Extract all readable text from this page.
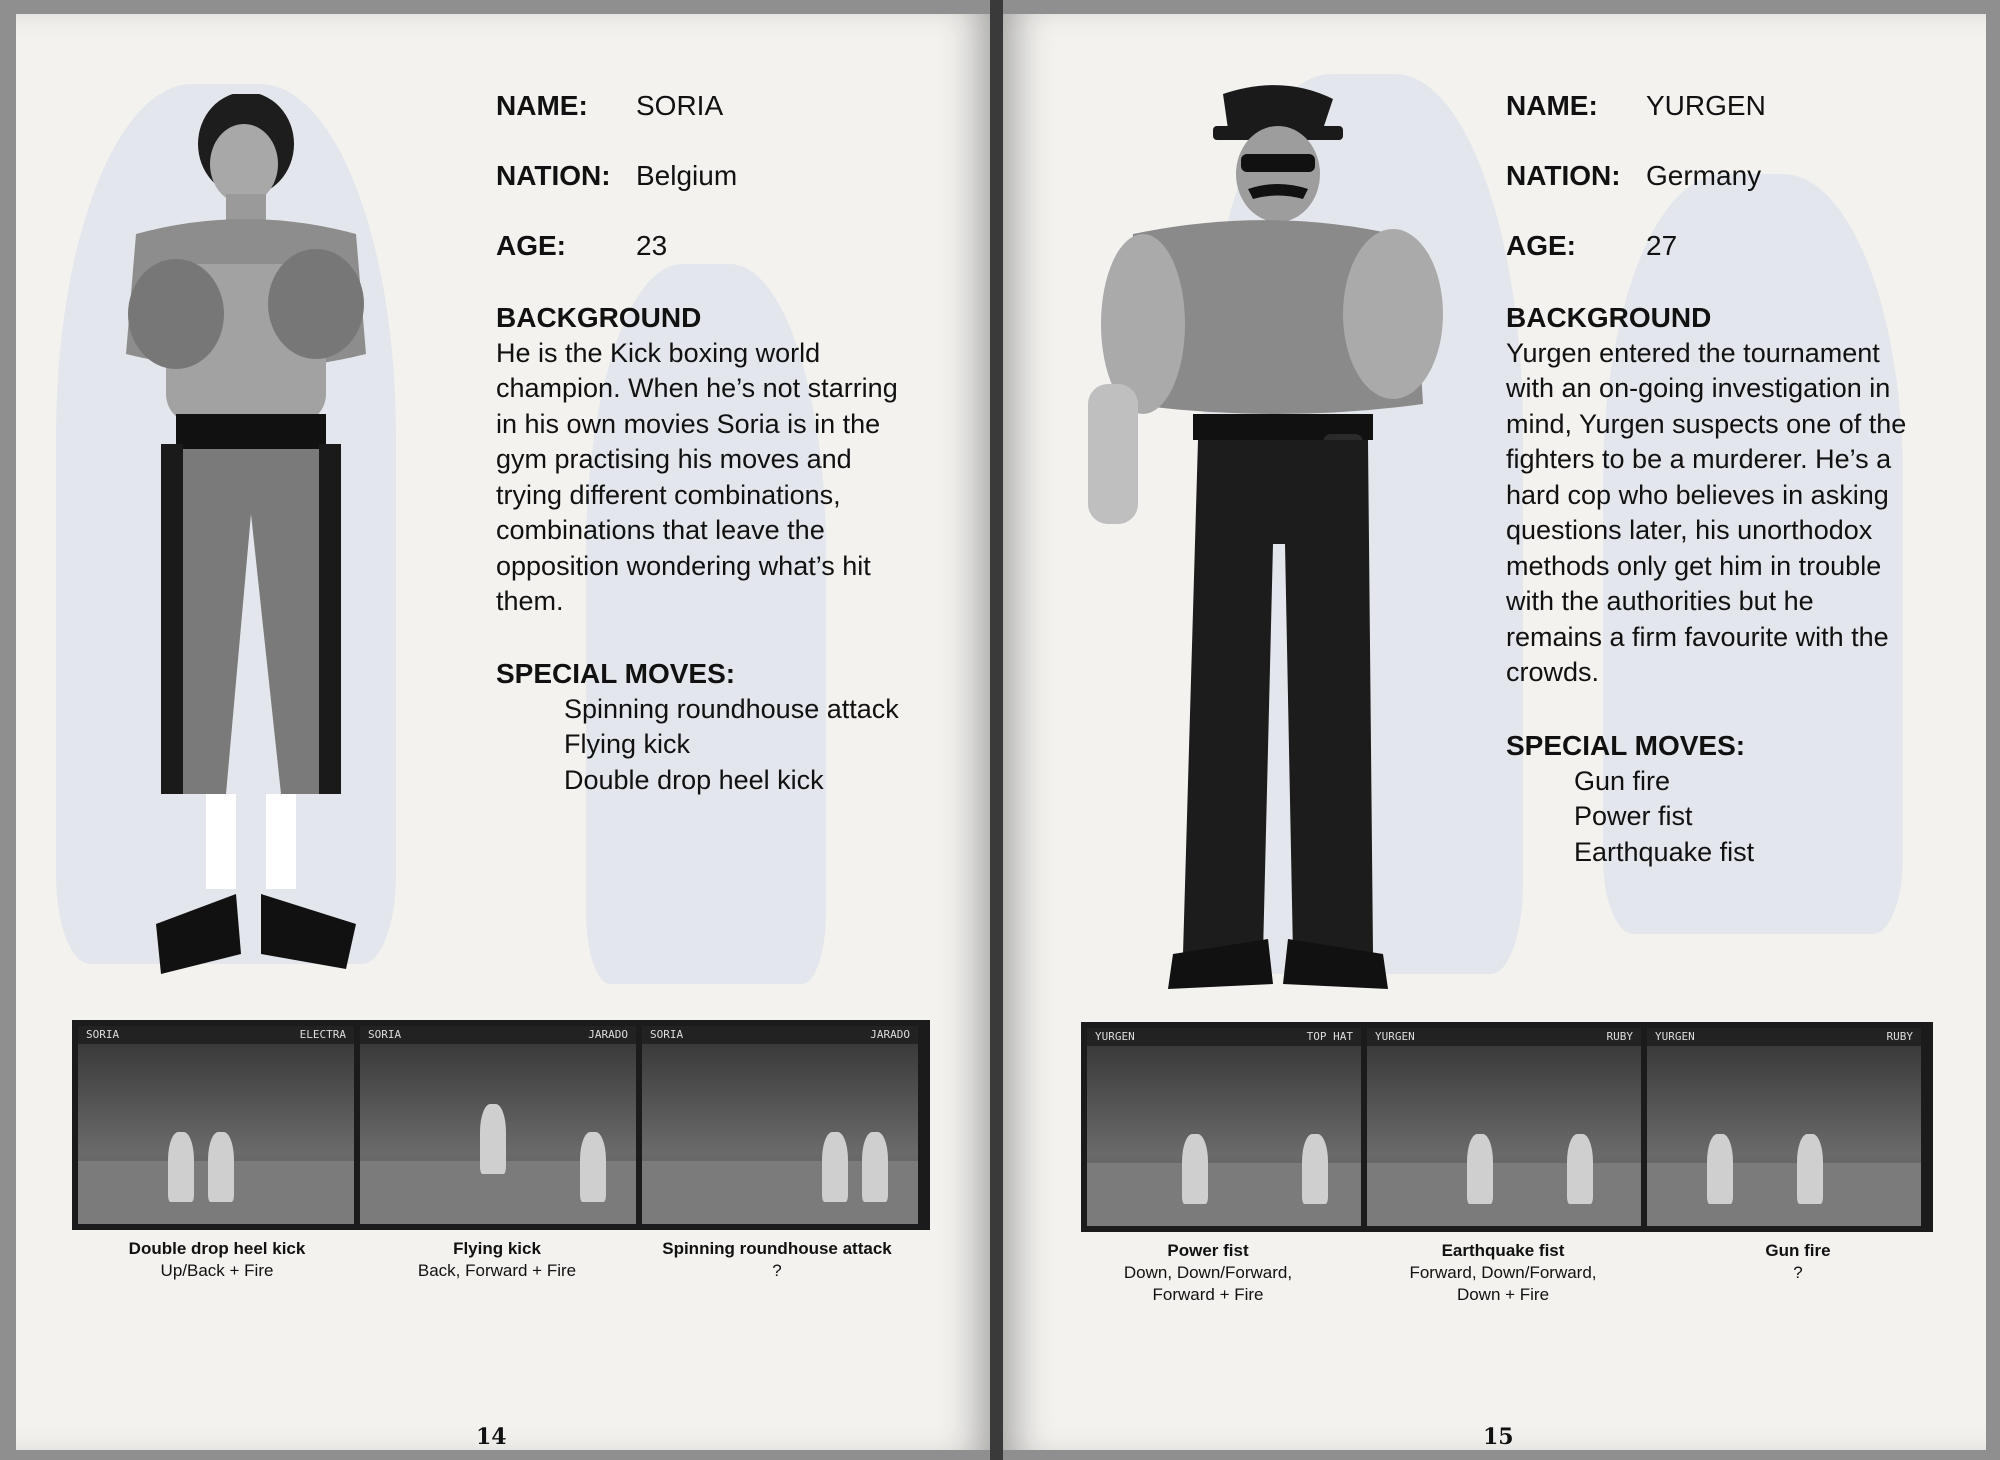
NAME: SORIA
NATION: Belgium
AGE:	23
BACKGROUND
He is the Kick boxing world
champion. When he’s not starring
in his own movies Soria is in the
gym practising his moves and
trying different combinations,
combinations that leave the
opposition wondering what’s hit
them.
SPECIAL MOVES:
Spinning roundhouse attack
Flying kick
Double drop heel kick
SORIA	ELECTRA SORIA	JARADO SORIA	JARADO
Double drop heel kick
Up/Back + Fire
Flying kick
Back, Forward + Fire
Spinning roundhouse attack
?
14
NAME: YURGEN
NATION: Germany
AGE:	27
BACKGROUND
Yurgen entered the tournament
with an on-going investigation in
mind, Yurgen suspects one of the
fighters to be a murderer. He’s a
hard cop who believes in asking
questions later, his unorthodox
methods only get him in trouble
with the authorities but he
remains a firm favourite with the
crowds.
SPECIAL MOVES:
Gun fire
Power fist
Earthquake fist
YURGEN	TOP HAT YURGEN	RUBY YURGEN	RUBY
Power fist
Down, Down/Forward,
Forward + Fire
Earthquake fist
Forward, Down/Forward,
Down + Fire
Gun fire
?
15
